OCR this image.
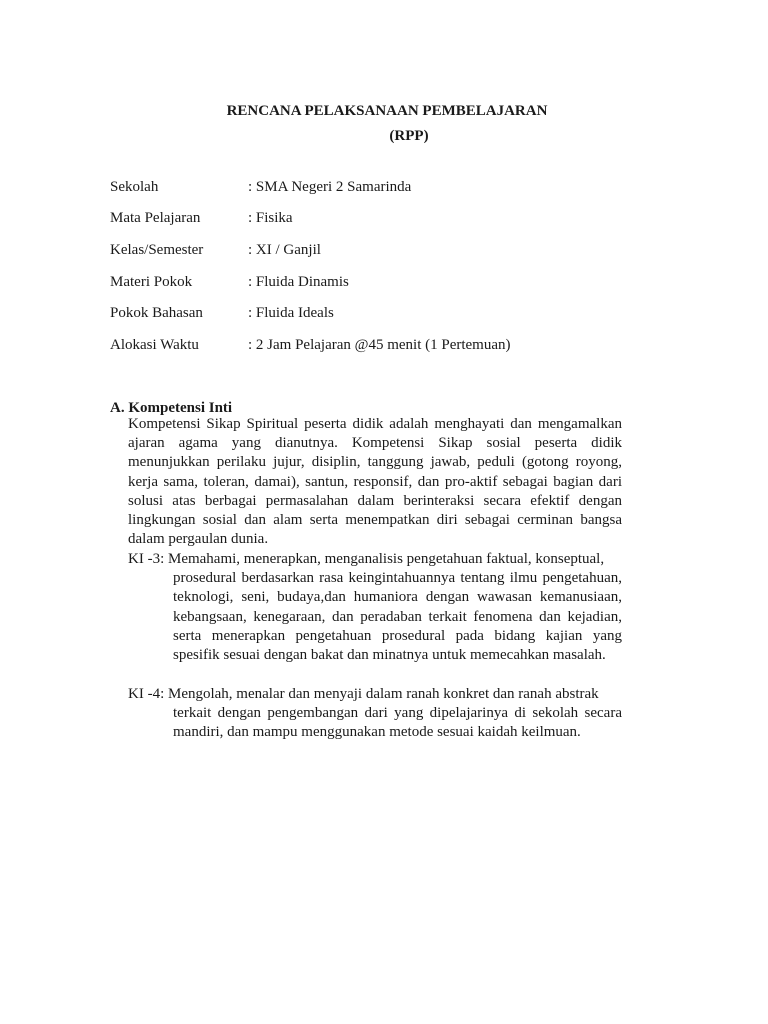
RENCANA PELAKSANAAN PEMBELAJARAN
(RPP)
Sekolah	: SMA Negeri 2 Samarinda
Mata Pelajaran	: Fisika
Kelas/Semester	: XI / Ganjil
Materi Pokok	: Fluida Dinamis
Pokok Bahasan	: Fluida Ideals
Alokasi Waktu	: 2 Jam Pelajaran @45 menit (1 Pertemuan)
A. Kompetensi Inti

Kompetensi Sikap Spiritual peserta didik adalah menghayati dan mengamalkan ajaran agama yang dianutnya. Kompetensi Sikap sosial peserta didik menunjukkan perilaku jujur, disiplin, tanggung jawab, peduli (gotong royong, kerja sama, toleran, damai), santun, responsif, dan pro-aktif sebagai bagian dari solusi atas berbagai permasalahan dalam berinteraksi secara efektif dengan lingkungan sosial dan alam serta menempatkan diri sebagai cerminan bangsa dalam pergaulan dunia.

KI -3: Memahami, menerapkan, menganalisis pengetahuan faktual, konseptual,
prosedural berdasarkan rasa keingintahuannya tentang ilmu pengetahuan, teknologi, seni, budaya,dan humaniora dengan wawasan kemanusiaan, kebangsaan, kenegaraan, dan peradaban terkait fenomena dan kejadian, serta menerapkan pengetahuan prosedural pada bidang kajian yang spesifik sesuai dengan bakat dan minatnya untuk memecahkan masalah.
KI -4: Mengolah, menalar dan menyaji dalam ranah konkret dan ranah abstrak
terkait dengan pengembangan dari yang dipelajarinya di sekolah secara mandiri, dan mampu menggunakan metode sesuai kaidah keilmuan.
